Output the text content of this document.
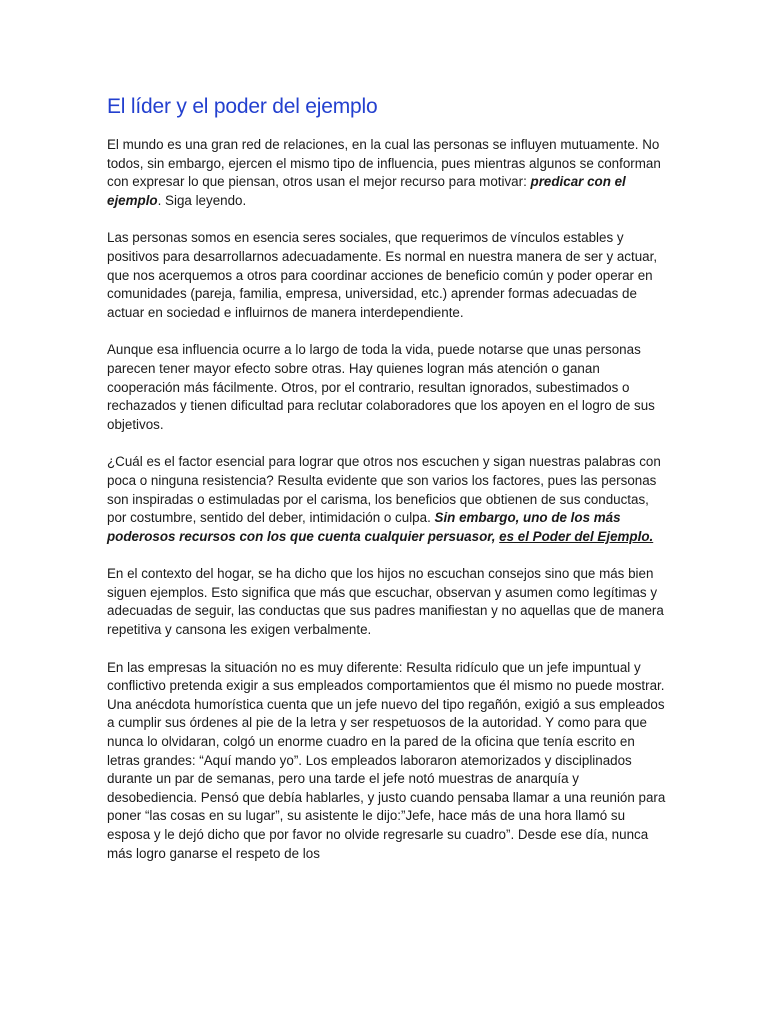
El líder y el poder del ejemplo

El mundo es una gran red de relaciones, en la cual las personas se influyen mutuamente. No todos, sin embargo, ejercen el mismo tipo de influencia, pues mientras algunos se conforman con expresar lo que piensan, otros usan el mejor recurso para motivar: predicar con el ejemplo. Siga leyendo.

Las personas somos en esencia seres sociales, que requerimos de vínculos estables y positivos para desarrollarnos adecuadamente. Es normal en nuestra manera de ser y actuar, que nos acerquemos a otros para coordinar acciones de beneficio común y poder operar en comunidades (pareja, familia, empresa, universidad, etc.) aprender formas adecuadas de actuar en sociedad e influirnos de manera interdependiente.

Aunque esa influencia ocurre a lo largo de toda la vida, puede notarse que unas personas parecen tener mayor efecto sobre otras. Hay quienes logran más atención o ganan cooperación más fácilmente. Otros, por el contrario, resultan ignorados, subestimados o rechazados y tienen dificultad para reclutar colaboradores que los apoyen en el logro de sus objetivos.

¿Cuál es el factor esencial para lograr que otros nos escuchen y sigan nuestras palabras con poca o ninguna resistencia? Resulta evidente que son varios los factores, pues las personas son inspiradas o estimuladas por el carisma, los beneficios que obtienen de sus conductas, por costumbre, sentido del deber, intimidación o culpa. Sin embargo, uno de los más poderosos recursos con los que cuenta cualquier persuasor, es el Poder del Ejemplo.

En el contexto del hogar, se ha dicho que los hijos no escuchan consejos sino que más bien siguen ejemplos. Esto significa que más que escuchar, observan y asumen como legítimas y adecuadas de seguir, las conductas que sus padres manifiestan y no aquellas que de manera repetitiva y cansona les exigen verbalmente.

En las empresas la situación no es muy diferente: Resulta ridículo que un jefe impuntual y conflictivo pretenda exigir a sus empleados comportamientos que él mismo no puede mostrar. Una anécdota humorística cuenta que un jefe nuevo del tipo regañón, exigió a sus empleados a cumplir sus órdenes al pie de la letra y ser respetuosos de la autoridad. Y como para que nunca lo olvidaran, colgó un enorme cuadro en la pared de la oficina que tenía escrito en letras grandes: “Aquí mando yo”. Los empleados laboraron atemorizados y disciplinados durante un par de semanas, pero una tarde el jefe notó muestras de anarquía y desobediencia. Pensó que debía hablarles, y justo cuando pensaba llamar a una reunión para poner “las cosas en su lugar”, su asistente le dijo:”Jefe, hace más de una hora llamó su esposa y le dejó dicho que por favor no olvide regresarle su cuadro”. Desde ese día, nunca más logro ganarse el respeto de los
